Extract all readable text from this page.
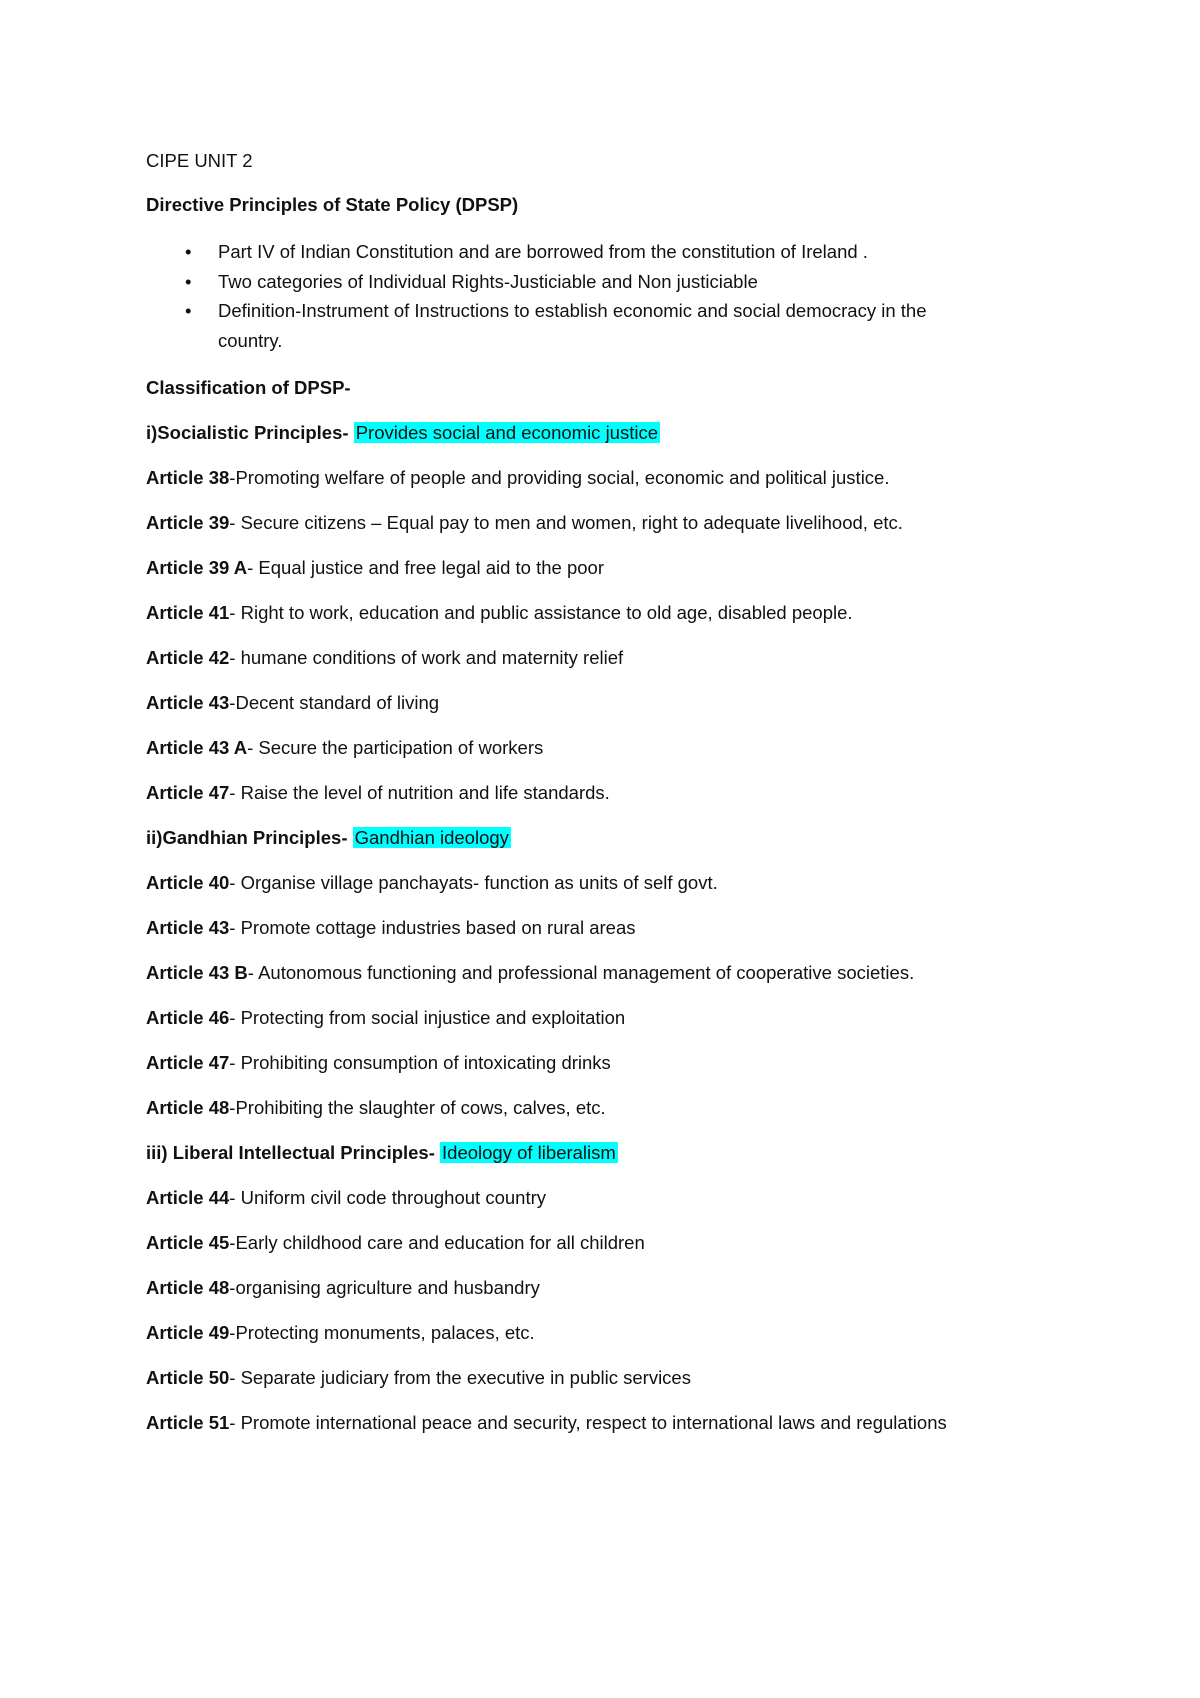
CIPE UNIT 2

Directive Principles of State Policy (DPSP)

• Part IV of Indian Constitution and are borrowed from the constitution of Ireland .
• Two categories of Individual Rights-Justiciable and Non justiciable
• Definition-Instrument of Instructions to establish economic and social democracy in the
country.

Classification of DPSP-

i)Socialistic Principles- Provides social and economic justice

Article 38-Promoting welfare of people and providing social, economic and political justice.

Article 39- Secure citizens – Equal pay to men and women, right to adequate livelihood, etc.

Article 39 A- Equal justice and free legal aid to the poor

Article 41- Right to work, education and public assistance to old age, disabled people.

Article 42- humane conditions of work and maternity relief

Article 43-Decent standard of living

Article 43 A- Secure the participation of workers

Article 47- Raise the level of nutrition and life standards.

ii)Gandhian Principles- Gandhian ideology

Article 40- Organise village panchayats- function as units of self govt.

Article 43- Promote cottage industries based on rural areas

Article 43 B- Autonomous functioning and professional management of cooperative societies.

Article 46- Protecting from social injustice and exploitation

Article 47- Prohibiting consumption of intoxicating drinks

Article 48-Prohibiting the slaughter of cows, calves, etc.

iii) Liberal Intellectual Principles- Ideology of liberalism

Article 44- Uniform civil code throughout country

Article 45-Early childhood care and education for all children

Article 48-organising agriculture and husbandry

Article 49-Protecting monuments, palaces, etc.

Article 50- Separate judiciary from the executive in public services

Article 51- Promote international peace and security, respect to international laws and regulations
